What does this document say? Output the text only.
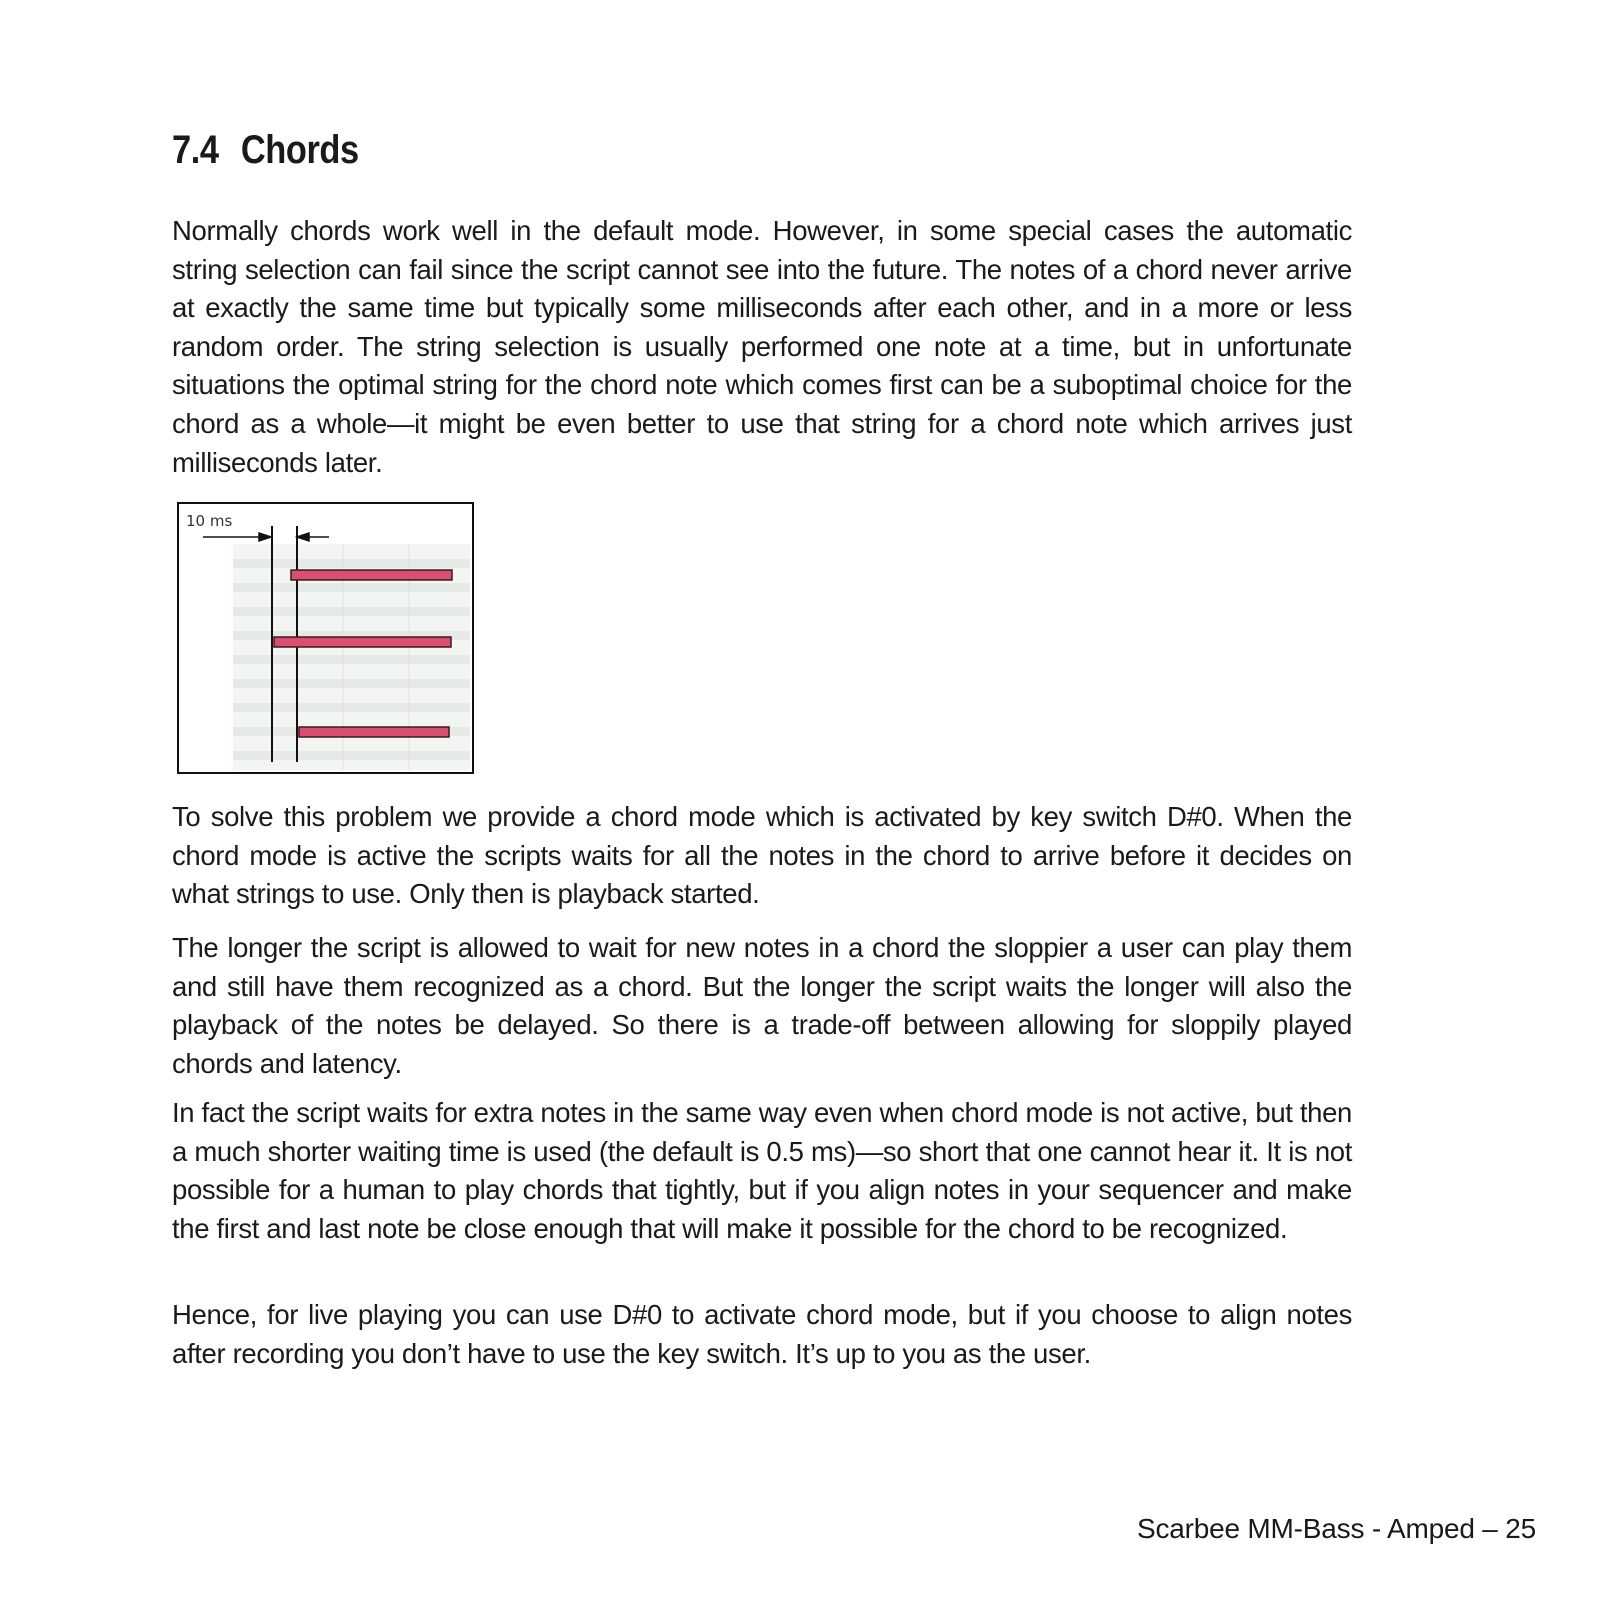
7.4 Chords

Normally chords work well in the default mode. However, in some special cases the automatic string selection can fail since the script cannot see into the future. The notes of a chord never arrive at exactly the same time but typically some milliseconds after each other, and in a more or less random order. The string selection is usually performed one note at a time, but in unfortunate situations the optimal string for the chord note which comes first can be a suboptimal choice for the chord as a whole—it might be even better to use that string for a chord note which arrives just milliseconds later.

10 ms

To solve this problem we provide a chord mode which is activated by key switch D#0. When the chord mode is active the scripts waits for all the notes in the chord to arrive before it decides on what strings to use. Only then is playback started.

The longer the script is allowed to wait for new notes in a chord the sloppier a user can play them and still have them recognized as a chord. But the longer the script waits the longer will also the playback of the notes be delayed. So there is a trade-off between allowing for sloppily played chords and latency.

In fact the script waits for extra notes in the same way even when chord mode is not active, but then a much shorter waiting time is used (the default is 0.5 ms)—so short that one cannot hear it. It is not possible for a human to play chords that tightly, but if you align notes in your sequencer and make the first and last note be close enough that will make it possible for the chord to be recognized.

Hence, for live playing you can use D#0 to activate chord mode, but if you choose to align notes after recording you don’t have to use the key switch. It’s up to you as the user.

Scarbee MM-Bass - Amped – 25
